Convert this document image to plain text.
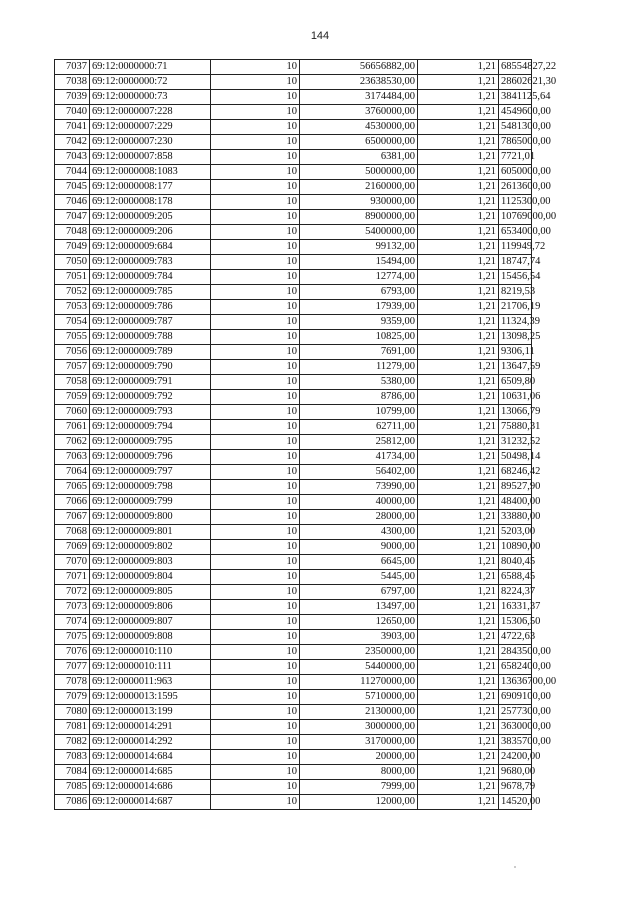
144
7037	69:12:0000000:71	10	56656882,00	1,21	68554827,22
7038	69:12:0000000:72	10	23638530,00	1,21	28602621,30
7039	69:12:0000000:73	10	3174484,00	1,21	3841125,64
7040	69:12:0000007:228	10	3760000,00	1,21	4549600,00
7041	69:12:0000007:229	10	4530000,00	1,21	5481300,00
7042	69:12:0000007:230	10	6500000,00	1,21	7865000,00
7043	69:12:0000007:858	10	6381,00	1,21	7721,01
7044	69:12:0000008:1083	10	5000000,00	1,21	6050000,00
7045	69:12:0000008:177	10	2160000,00	1,21	2613600,00
7046	69:12:0000008:178	10	930000,00	1,21	1125300,00
7047	69:12:0000009:205	10	8900000,00	1,21	10769000,00
7048	69:12:0000009:206	10	5400000,00	1,21	6534000,00
7049	69:12:0000009:684	10	99132,00	1,21	119949,72
7050	69:12:0000009:783	10	15494,00	1,21	18747,74
7051	69:12:0000009:784	10	12774,00	1,21	15456,54
7052	69:12:0000009:785	10	6793,00	1,21	8219,53
7053	69:12:0000009:786	10	17939,00	1,21	21706,19
7054	69:12:0000009:787	10	9359,00	1,21	11324,39
7055	69:12:0000009:788	10	10825,00	1,21	13098,25
7056	69:12:0000009:789	10	7691,00	1,21	9306,11
7057	69:12:0000009:790	10	11279,00	1,21	13647,59
7058	69:12:0000009:791	10	5380,00	1,21	6509,80
7059	69:12:0000009:792	10	8786,00	1,21	10631,06
7060	69:12:0000009:793	10	10799,00	1,21	13066,79
7061	69:12:0000009:794	10	62711,00	1,21	75880,31
7062	69:12:0000009:795	10	25812,00	1,21	31232,52
7063	69:12:0000009:796	10	41734,00	1,21	50498,14
7064	69:12:0000009:797	10	56402,00	1,21	68246,42
7065	69:12:0000009:798	10	73990,00	1,21	89527,90
7066	69:12:0000009:799	10	40000,00	1,21	48400,00
7067	69:12:0000009:800	10	28000,00	1,21	33880,00
7068	69:12:0000009:801	10	4300,00	1,21	5203,00
7069	69:12:0000009:802	10	9000,00	1,21	10890,00
7070	69:12:0000009:803	10	6645,00	1,21	8040,45
7071	69:12:0000009:804	10	5445,00	1,21	6588,45
7072	69:12:0000009:805	10	6797,00	1,21	8224,37
7073	69:12:0000009:806	10	13497,00	1,21	16331,37
7074	69:12:0000009:807	10	12650,00	1,21	15306,50
7075	69:12:0000009:808	10	3903,00	1,21	4722,63
7076	69:12:0000010:110	10	2350000,00	1,21	2843500,00
7077	69:12:0000010:111	10	5440000,00	1,21	6582400,00
7078	69:12:0000011:963	10	11270000,00	1,21	13636700,00
7079	69:12:0000013:1595	10	5710000,00	1,21	6909100,00
7080	69:12:0000013:199	10	2130000,00	1,21	2577300,00
7081	69:12:0000014:291	10	3000000,00	1,21	3630000,00
7082	69:12:0000014:292	10	3170000,00	1,21	3835700,00
7083	69:12:0000014:684	10	20000,00	1,21	24200,00
7084	69:12:0000014:685	10	8000,00	1,21	9680,00
7085	69:12:0000014:686	10	7999,00	1,21	9678,79
7086	69:12:0000014:687	10	12000,00	1,21	14520,00
